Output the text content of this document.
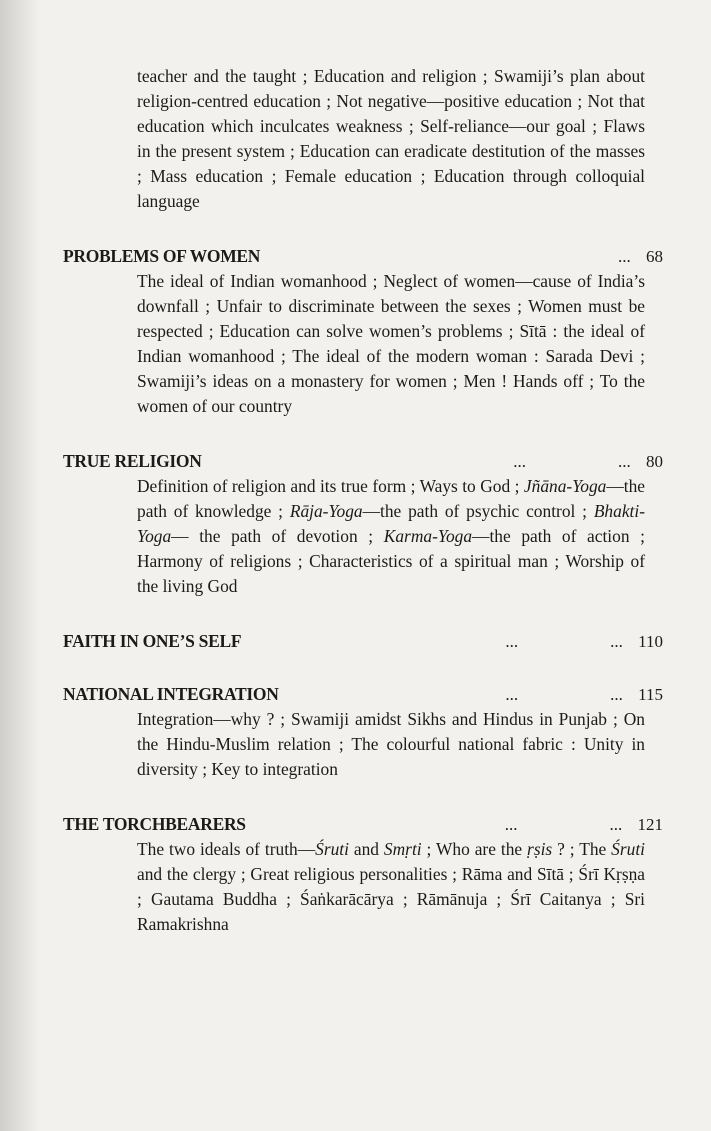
teacher and the taught ; Education and religion ; Swamiji’s plan about religion-centred education ; Not negative—positive education ; Not that education which inculcates weakness ; Self-reliance—our goal ; Flaws in the present system ; Education can eradicate destitution of the masses ; Mass education ; Female education ; Education through colloquial language
PROBLEMS OF WOMEN	... 68
The ideal of Indian womanhood ; Neglect of women—cause of India’s downfall ; Unfair to discriminate between the sexes ; Women must be respected ; Education can solve women’s problems ; Sītā : the ideal of Indian womanhood ; The ideal of the modern woman : Sarada Devi ; Swamiji’s ideas on a monastery for women ; Men ! Hands off ; To the women of our country
TRUE RELIGION	...	... 80
Definition of religion and its true form ; Ways to God ; Jñāna-Yoga—the path of knowledge ; Rāja-Yoga—the path of psychic control ; Bhakti-Yoga— the path of devotion ; Karma-Yoga—the path of action ; Harmony of religions ; Characteristics of a spiritual man ; Worship of the living God
FAITH IN ONE’S SELF	...	... 110
NATIONAL INTEGRATION	...	... 115
Integration—why ? ; Swamiji amidst Sikhs and Hindus in Punjab ; On the Hindu-Muslim relation ; The colourful national fabric : Unity in diversity ; Key to integration
THE TORCHBEARERS	...	... 121
The two ideals of truth—Śruti and Smṛti ; Who are the ṛṣis ? ; The Śruti and the clergy ; Great religious personalities ; Rāma and Sītā ; Śrī Kṛṣṇa ; Gautama Buddha ; Śaṅkarācārya ; Rāmānuja ; Śrī Caitanya ; Sri Ramakrishna
